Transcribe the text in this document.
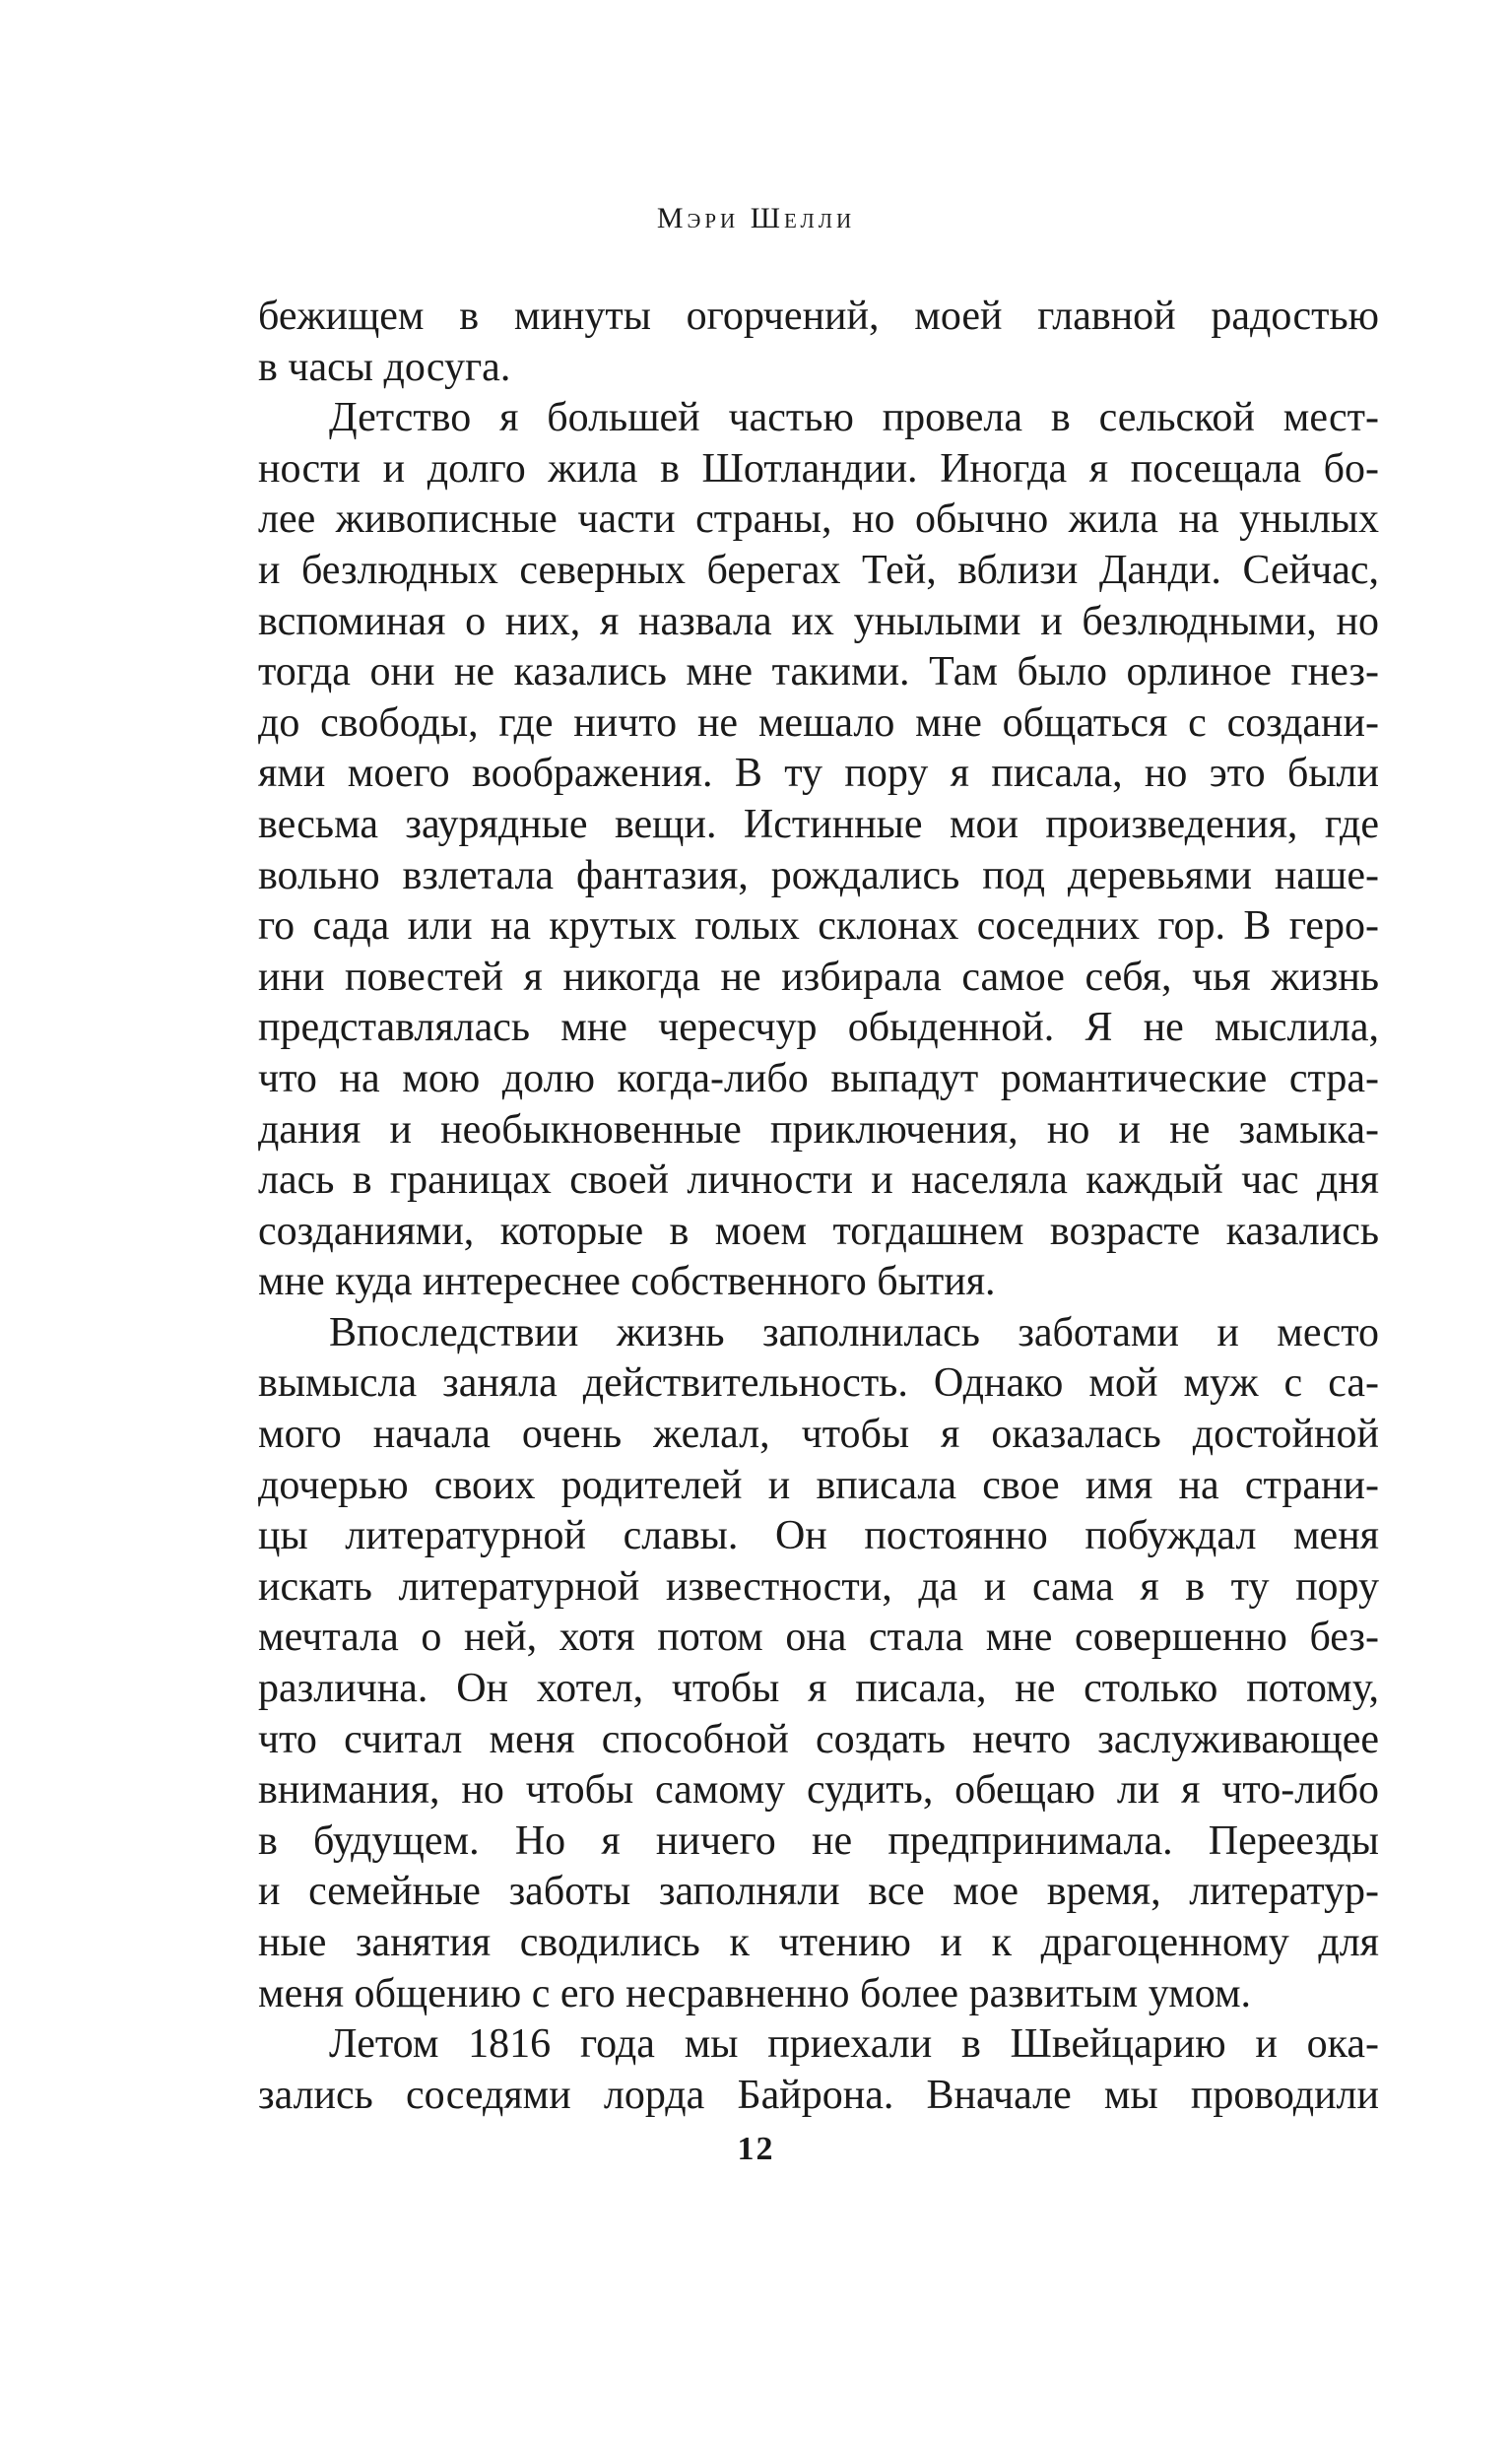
Мэри Шелли
бежищем в минуты огорчений, моей главной радостью
в часы досуга.
Детство я большей частью провела в сельской мест-
ности и долго жила в Шотландии. Иногда я посещала бо-
лее живописные части страны, но обычно жила на унылых
и безлюдных северных берегах Тей, вблизи Данди. Сейчас,
вспоминая о них, я назвала их унылыми и безлюдными, но
тогда они не казались мне такими. Там было орлиное гнез-
до свободы, где ничто не мешало мне общаться с создани-
ями моего воображения. В ту пору я писала, но это были
весьма заурядные вещи. Истинные мои произведения, где
вольно взлетала фантазия, рождались под деревьями наше-
го сада или на крутых голых склонах соседних гор. В геро-
ини повестей я никогда не избирала самое себя, чья жизнь
представлялась мне чересчур обыденной. Я не мыслила,
что на мою долю когда-либо выпадут романтические стра-
дания и необыкновенные приключения, но и не замыка-
лась в границах своей личности и населяла каждый час дня
созданиями, которые в моем тогдашнем возрасте казались
мне куда интереснее собственного бытия.
Впоследствии жизнь заполнилась заботами и место
вымысла заняла действительность. Однако мой муж с са-
мого начала очень желал, чтобы я оказалась достойной
дочерью своих родителей и вписала свое имя на страни-
цы литературной славы. Он постоянно побуждал меня
искать литературной известности, да и сама я в ту пору
мечтала о ней, хотя потом она стала мне совершенно без-
различна. Он хотел, чтобы я писала, не столько потому,
что считал меня способной создать нечто заслуживающее
внимания, но чтобы самому судить, обещаю ли я что-либо
в будущем. Но я ничего не предпринимала. Переезды
и семейные заботы заполняли все мое время, литератур-
ные занятия сводились к чтению и к драгоценному для
меня общению с его несравненно более развитым умом.
Летом 1816 года мы приехали в Швейцарию и ока-
зались соседями лорда Байрона. Вначале мы проводили
12
